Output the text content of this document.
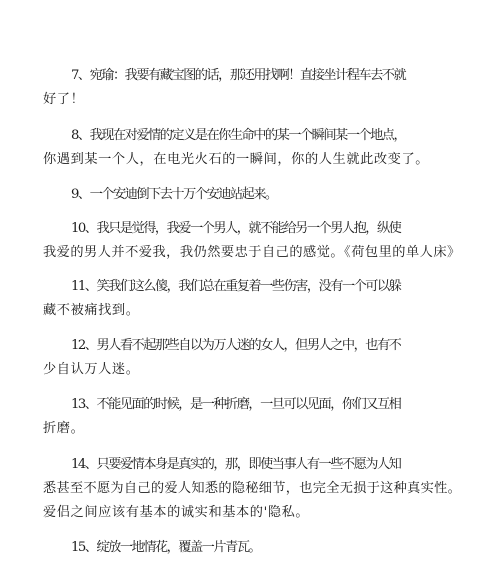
7、宛瑜：我要有藏宝图的话，那还用找啊！直接坐计程车去不就
好了！
8、我现在对爱情的定义是在你生命中的某一个瞬间某一个地点，
你遇到某一个人，在电光火石的一瞬间，你的人生就此改变了。
9、一个安迪倒下去十万个安迪站起来。
10、我只是觉得，我爱一个男人，就不能给另一个男人抱，纵使
我爱的男人并不爱我，我仍然要忠于自己的感觉。《荷包里的单人床》
11、笑我们这么傻，我们总在重复着一些伤害，没有一个可以躲
藏不被痛找到。
12、男人看不起那些自以为万人迷的女人，但男人之中，也有不
少自认万人迷。
13、不能见面的时候，是一种折磨，一旦可以见面，你们又互相
折磨。
14、只要爱情本身是真实的，那，即使当事人有一些不愿为人知
悉甚至不愿为自己的爱人知悉的隐秘细节，也完全无损于这种真实性。
爱侣之间应该有基本的诚实和基本的'隐私。
15、绽放一地情花，覆盖一片青瓦。
